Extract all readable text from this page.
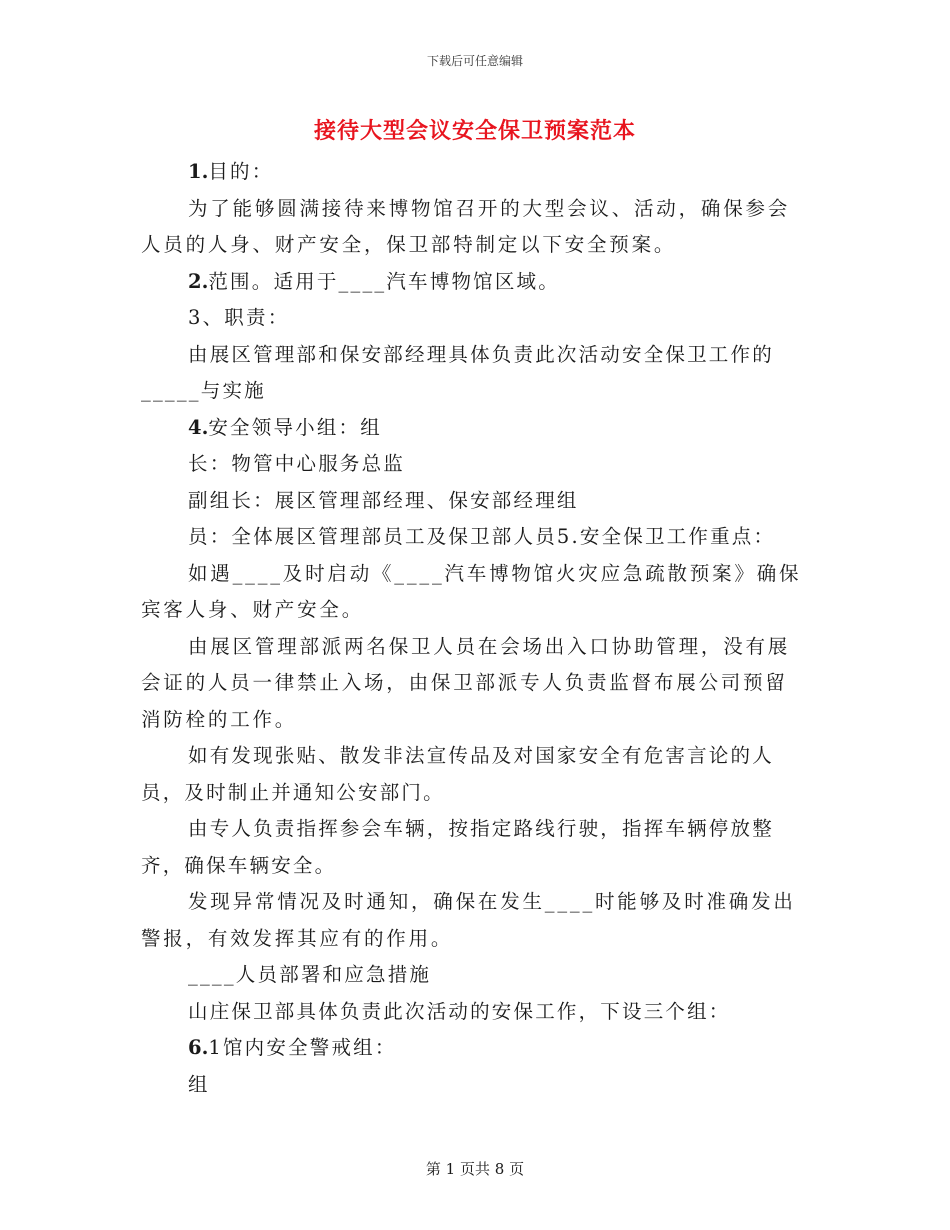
下载后可任意编辑
接待大型会议安全保卫预案范本

1.目的：

为了能够圆满接待来博物馆召开的大型会议、活动，确保参会人员的人身、财产安全，保卫部特制定以下安全预案。

2.范围。适用于____汽车博物馆区域。

3、职责：

由展区管理部和保安部经理具体负责此次活动安全保卫工作的_____与实施

4.安全领导小组：组

长：物管中心服务总监

副组长：展区管理部经理、保安部经理组

员：全体展区管理部员工及保卫部人员5.安全保卫工作重点：

如遇____及时启动《____汽车博物馆火灾应急疏散预案》确保宾客人身、财产安全。

由展区管理部派两名保卫人员在会场出入口协助管理，没有展会证的人员一律禁止入场，由保卫部派专人负责监督布展公司预留消防栓的工作。

如有发现张贴、散发非法宣传品及对国家安全有危害言论的人员，及时制止并通知公安部门。

由专人负责指挥参会车辆，按指定路线行驶，指挥车辆停放整齐，确保车辆安全。

发现异常情况及时通知，确保在发生____时能够及时准确发出警报，有效发挥其应有的作用。

____人员部署和应急措施

山庄保卫部具体负责此次活动的安保工作，下设三个组：

6.1馆内安全警戒组：

组

第 1 页共 8 页
